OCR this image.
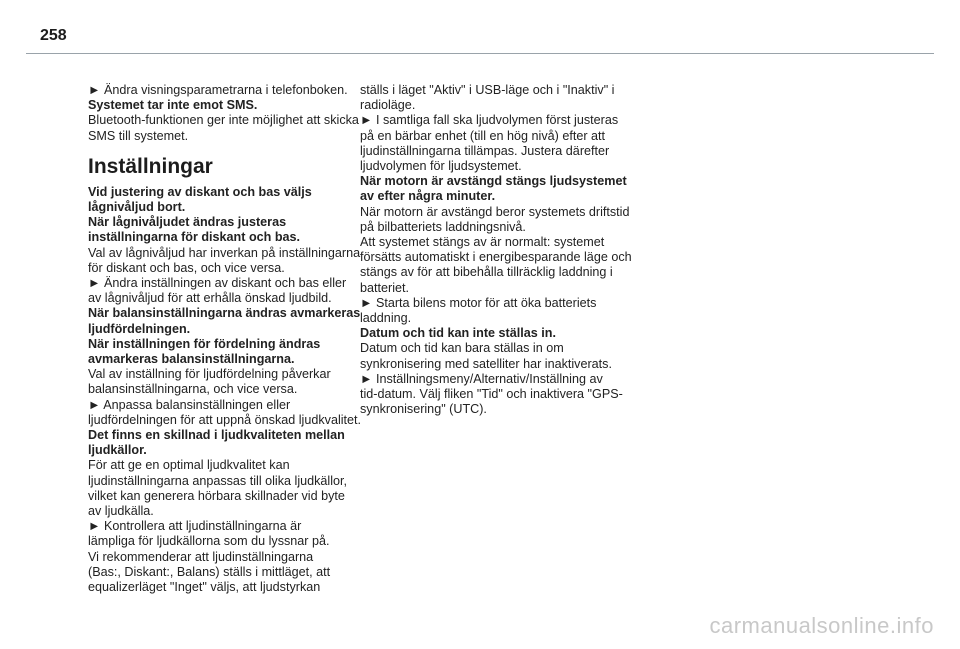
258
► Ändra visningsparametrarna i telefonboken.
Systemet tar inte emot SMS.
Bluetooth-funktionen ger inte möjlighet att skicka
SMS till systemet.
Inställningar
Vid justering av diskant och bas väljs
lågnivåljud bort.
När lågnivåljudet ändras justeras
inställningarna för diskant och bas.
Val av lågnivåljud har inverkan på inställningarna
för diskant och bas, och vice versa.
► Ändra inställningen av diskant och bas eller
av lågnivåljud för att erhålla önskad ljudbild.
När balansinställningarna ändras avmarkeras
ljudfördelningen.
När inställningen för fördelning ändras
avmarkeras balansinställningarna.
Val av inställning för ljudfördelning påverkar
balansinställningarna, och vice versa.
► Anpassa balansinställningen eller
ljudfördelningen för att uppnå önskad ljudkvalitet.
Det finns en skillnad i ljudkvaliteten mellan
ljudkällor.
För att ge en optimal ljudkvalitet kan
ljudinställningarna anpassas till olika ljudkällor,
vilket kan generera hörbara skillnader vid byte
av ljudkälla.
► Kontrollera att ljudinställningarna är
lämpliga för ljudkällorna som du lyssnar på.
Vi rekommenderar att ljudinställningarna
(Bas:, Diskant:, Balans) ställs i mittläget, att
equalizerläget "Inget" väljs, att ljudstyrkan
ställs i läget "Aktiv" i USB-läge och i "Inaktiv" i
radioläge.
► I samtliga fall ska ljudvolymen först justeras
på en bärbar enhet (till en hög nivå) efter att
ljudinställningarna tillämpas. Justera därefter
ljudvolymen för ljudsystemet.
När motorn är avstängd stängs ljudsystemet
av efter några minuter.
När motorn är avstängd beror systemets driftstid
på bilbatteriets laddningsnivå.
Att systemet stängs av är normalt: systemet
försätts automatiskt i energibesparande läge och
stängs av för att bibehålla tillräcklig laddning i
batteriet.
► Starta bilens motor för att öka batteriets
laddning.
Datum och tid kan inte ställas in.
Datum och tid kan bara ställas in om
synkronisering med satelliter har inaktiverats.
► Inställningsmeny/Alternativ/Inställning av
tid-datum. Välj fliken "Tid" och inaktivera "GPS-
synkronisering" (UTC).
carmanualsonline.info
